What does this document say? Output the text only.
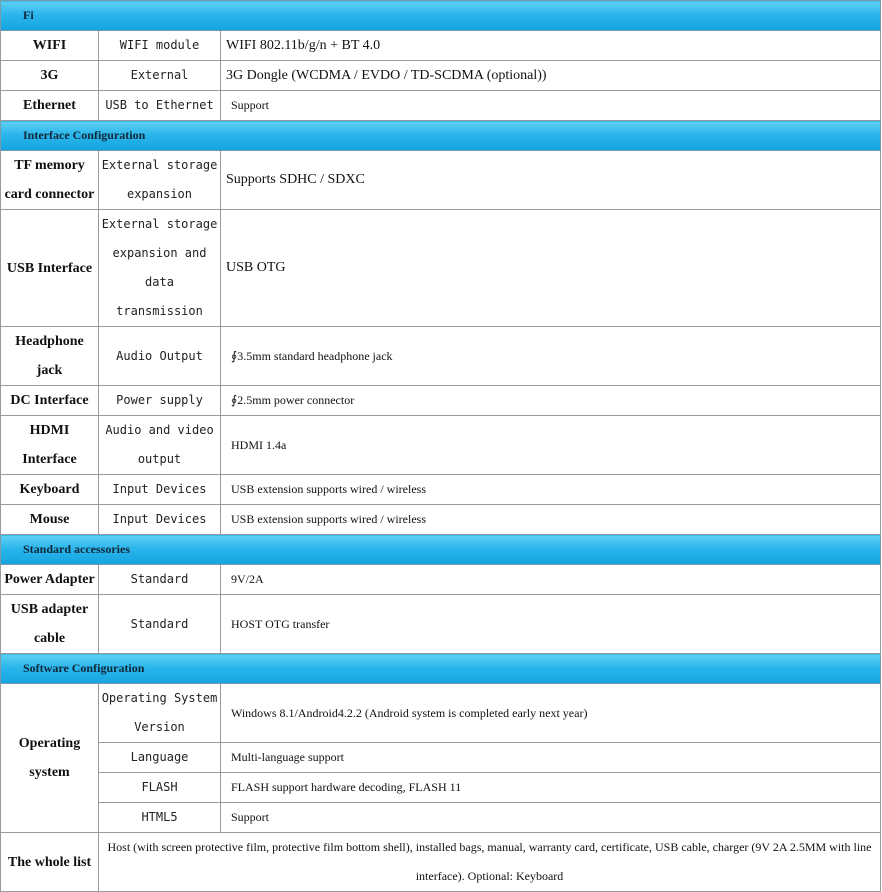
Fi		
WIFI	WIFI module	WIFI 802.11b/g/n + BT 4.0
3G	External	3G Dongle (WCDMA / EVDO / TD-SCDMA (optional))
Ethernet	USB to Ethernet	Support
Interface Configuration		
TF memory card connector	External storage expansion	Supports SDHC / SDXC
USB Interface	External storage expansion and data transmission	USB OTG
Headphone jack	Audio Output	∮3.5mm standard headphone jack
DC Interface	Power supply	∮2.5mm power connector
HDMI Interface	Audio and video output	HDMI 1.4a
Keyboard	Input Devices	USB extension supports wired / wireless
Mouse	Input Devices	USB extension supports wired / wireless
Standard accessories		
Power Adapter	Standard	9V/2A
USB adapter cable	Standard	HOST OTG transfer
Software Configuration		
Operating system	Operating System Version	Windows 8.1/Android4.2.2 (Android system is completed early next year)
	Language	Multi-language support
	FLASH	FLASH support hardware decoding, FLASH 11
	HTML5	Support
The whole list	Host (with screen protective film, protective film bottom shell), installed bags, manual, warranty card, certificate, USB cable, charger (9V 2A 2.5MM with line interface). Optional: Keyboard	
